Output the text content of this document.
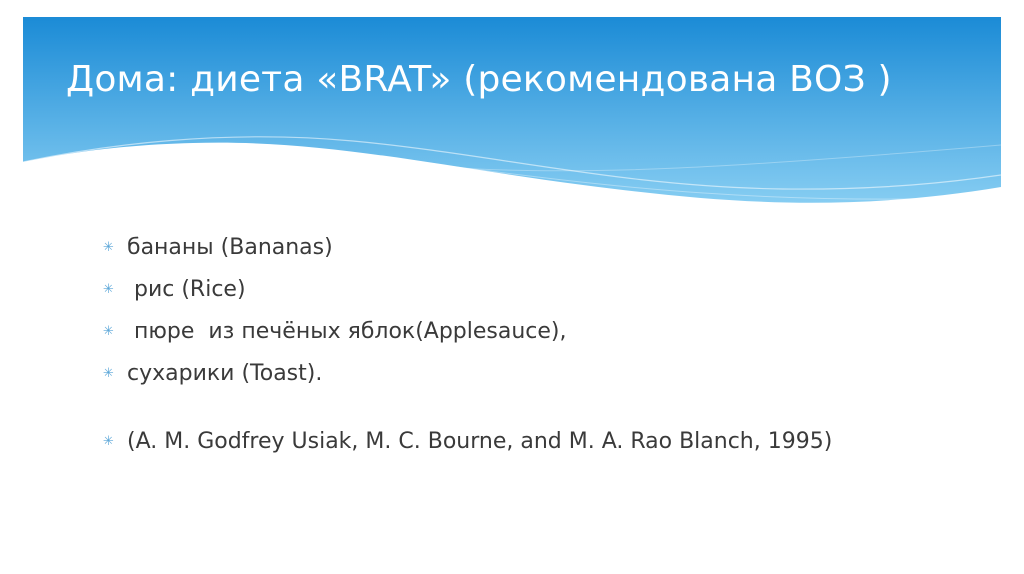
Дома: диета «BRAT» (рекомендована ВОЗ )
✳ бананы (Bananas)
✳ рис (Rice)
✳ пюре  из печёных яблок(Applesauce),
✳ сухарики (Toast).
✳ (A. M. Godfrey Usiak, M. C. Bourne, and M. A. Rao Blanch, 1995)
